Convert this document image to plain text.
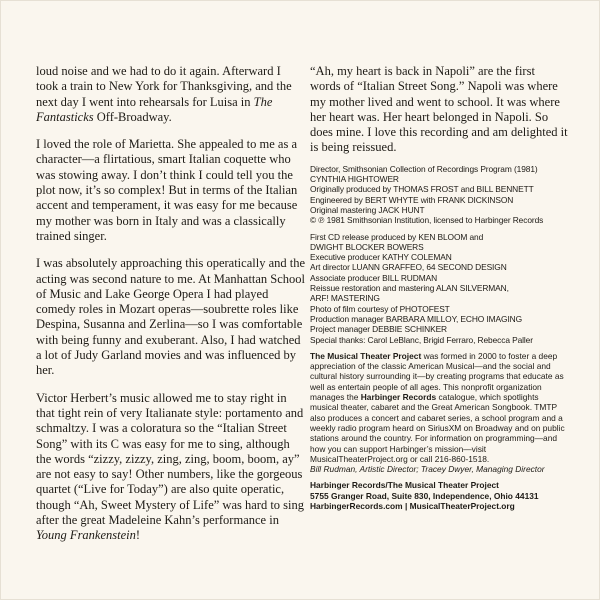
loud noise and we had to do it again. Afterward I took a train to New York for Thanksgiving, and the next day I went into rehearsals for Luisa in The Fantasticks Off-Broadway.

I loved the role of Marietta. She appealed to me as a character—a flirtatious, smart Italian coquette who was stowing away. I don’t think I could tell you the plot now, it’s so complex! But in terms of the Italian accent and temperament, it was easy for me because my mother was born in Italy and was a classically trained singer.

I was absolutely approaching this operatically and the acting was second nature to me. At Manhattan School of Music and Lake George Opera I had played comedy roles in Mozart operas—soubrette roles like Despina, Susanna and Zerlina—so I was comfortable with being funny and exuberant. Also, I had watched a lot of Judy Garland movies and was influenced by her.

Victor Herbert’s music allowed me to stay right in that tight rein of very Italianate style: portamento and schmaltzy. I was a coloratura so the “Italian Street Song” with its C was easy for me to sing, although the words “zizzy, zizzy, zing, zing, boom, boom, ay” are not easy to say! Other numbers, like the gorgeous quartet (“Live for Today”) are also quite operatic, though “Ah, Sweet Mystery of Life” was hard to sing after the great Madeleine Kahn’s performance in Young Frankenstein!

“Ah, my heart is back in Napoli” are the first words of “Italian Street Song.” Napoli was where my mother lived and went to school. It was where her heart was. Her heart belonged in Napoli. So does mine. I love this recording and am delighted it is being reissued.

Director, Smithsonian Collection of Recordings Program (1981)
CYNTHIA HIGHTOWER
Originally produced by THOMAS FROST and BILL BENNETT
Engineered by BERT WHYTE with FRANK DICKINSON
Original mastering JACK HUNT
© ℗ 1981 Smithsonian Institution, licensed to Harbinger Records
First CD release produced by KEN BLOOM and
DWIGHT BLOCKER BOWERS
Executive producer KATHY COLEMAN
Art director LUANN GRAFFEO, 64 SECOND DESIGN
Associate producer BILL RUDMAN
Reissue restoration and mastering ALAN SILVERMAN,
ARF! MASTERING
Photo of film courtesy of PHOTOFEST
Production manager BARBARA MILLOY, ECHO IMAGING
Project manager DEBBIE SCHINKER
Special thanks: Carol LeBlanc, Brigid Ferraro, Rebecca Paller

The Musical Theater Project was formed in 2000 to foster a deep appreciation of the classic American Musical—and the social and cultural history surrounding it—by creating programs that educate as well as entertain people of all ages. This nonprofit organization manages the Harbinger Records catalogue, which spotlights musical theater, cabaret and the Great American Songbook. TMTP also produces a concert and cabaret series, a school program and a weekly radio program heard on SiriusXM on Broadway and on public stations around the country. For information on programming—and how you can support Harbinger’s mission—visit MusicalTheaterProject.org or call 216-860-1518.
Bill Rudman, Artistic Director; Tracey Dwyer, Managing Director

Harbinger Records/The Musical Theater Project
5755 Granger Road, Suite 830, Independence, Ohio 44131
HarbingerRecords.com | MusicalTheaterProject.org
